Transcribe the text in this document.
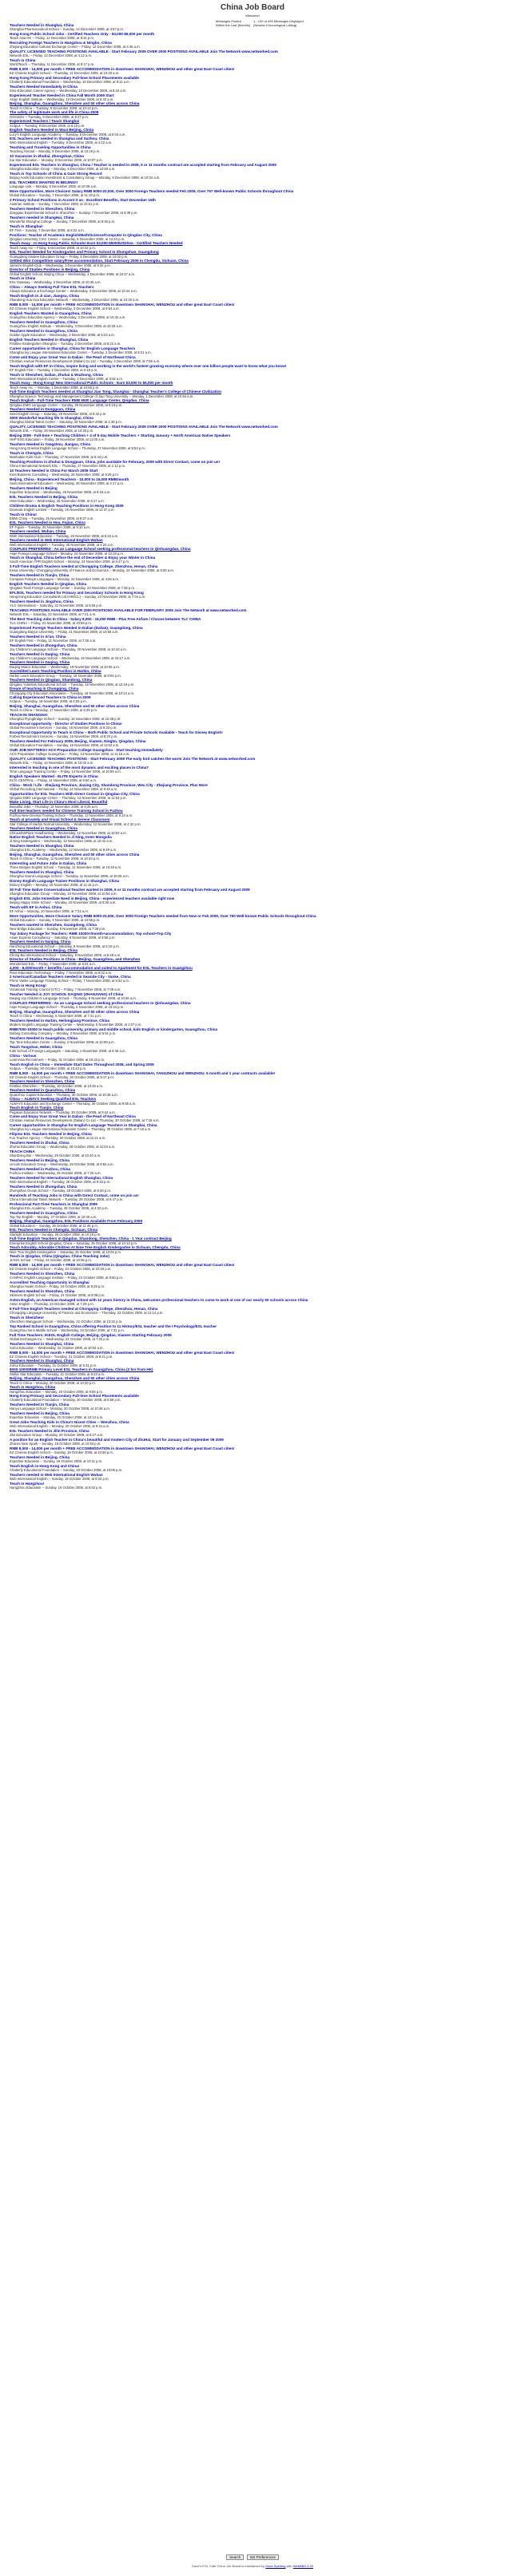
China Job Board
Welcome!
Messages Posted	1 - 100 of 499 Messages Displayed
Within the Last [Months] (Newest Chronological Listing)
Teachers Needed in Shanghai, China
Shanghai Pharmaceutical School -- Sunday, 14 December 2008, at 4:57 p.m.
Hong Kong Public School Jobs - Certified Teachers Only - $3,000-$6,000 per month
Teach Asia HK -- Friday, 12 December 2008, at 8:31 p.m.
Recruiting Foreign Teachers in Hangzhou & Ningbo, China
Zhejiang Education Cultural Exchange Center -- Friday, 12 December 2008, at 4:46 a.m.
QUALITY, LICENSED TEACHING POSITIONS AVAILABLE - Start February 2009 OVER 2000 POSITIONS AVAILABLE Join The Network www.networked.com
Network ESL -- Friday, 12 December 2008, at 4:12 a.m.
Teach in China
WorldTeach -- Thursday, 11 December 2008, at 9:17 p.m.
RMB 8,000 - 14,000 per month + FREE ACCOMMODATION in downtown SHANGHAI, WENZHOU and other great East Coast cities!
EZ Chinese English School -- Thursday, 11 December 2008, at 10:20 a.m.
Hong Kong Primary and Secondary Full-time School Placements available
Chatterly Educational Foundation -- Wednesday, 10 December 2008, at 9:11 a.m.
Teachers Needed Immediately in China
Sino-Education Career Agency -- Wednesday, 10 December 2008, at 8:44 a.m.
Experienced Teacher Needed in China Fall Month 2009 Start
Asian English Institute -- Wednesday, 10 December 2008, at 6:43 a.m.
Beijing, Shanghai, Guangzhou, Shenzhen and 50 other cities across China
Teach In China -- Tuesday, 9 December 2008, at 10:13 p.m.
The safety of legitimate work and life in China 2009
GOCEDU -- Tuesday, 9 December 2008, at 9:27 p.m.
Experienced Teachers / Teach Shanghai
Xcitpus -- Tuesday, 9 December 2008, at 6:19 p.m.
English Teachers Needed in Wuxi Beijing, China
Lucy's English Language Academy -- Tuesday, 9 December 2008, at 6:04 a.m.
ESL teachers are needed in Shanghai and Suzhou, China
Web International English -- Tuesday, 9 December 2008, at 4:22 a.m.
Teaching and Traveling Opportunities in China
Teaching Abroad -- Monday, 8 December 2008, at 10:19 p.m.
10 Vacancies in Zhuhai, Zhongshan, China
Kai Star Education -- Monday, 8 December 2008, at 10:07 p.m.
Experienced ESL Teachers in Shanghai, China / Teacher is needed in 2009, 5 or 11 months contract are accepted starting from February and August 2009
Shanghai Education Group -- Monday, 8 December 2008, at 10:59 a.m.
Teach in Top Schools of China & Gain Strong Record
Beijing Aoshi Education Investment & Consultancy Group -- Monday, 8 December 2008, at 10:34 a.m.
ESL TEACHERS WANTED IN BEIJING!!
Language Link -- Monday, 8 December 2008, at 10:09 a.m.
More Opportunities, More Choices! Salary RMB 6000-20,000, Over 3000 Foreign Teachers needed Feb 2009, Over 757 Well-known Public Schools throughout China
Global Education -- Sunday, 7 December 2008, at 11:19 p.m.
3 Primary School Positions in Accent it an - Excellent Benefits, Start December 15th
Austrian Institute -- Sunday, 7 December 2008, at 10:51 p.m.
Teachers Needed in Shenzhen, China
Zongqiao Experimental School in Shenzhen -- Sunday, 7 December 2008, at 9:39 p.m.
Teachers needed in ShangHai, China
Wonderful Shanghai College -- Sunday, 7 December 2008, at 8:40 p.m.
Teach in Shanghai!
EF First -- Sunday, 7 December 2008, at 6:22 a.m.
Positions: Teacher of Academic English/Math/Science/Computer in Qingdao City, China
Qingdao University CIAC Center -- Saturday, 6 December 2008, at 12:43 p.m.
Teach Away - In Hong Kong Public Schools! Earn $3,000-$5000USD/mo - Certified Teachers Needed
Teach Away Inc -- Friday, 5 December 2008, at 10:42 p.m.
ESL Teacher Needed for Kindergarten and Primary School in Zhongshan, Guangdong
Guangdong Sinaiee Education Group -- Friday, 5 December 2008, at 10:02 p.m.
Settled Win! Competitive salary/Free accommodation, Start February 2009 in Chengdu, Sichuan, China
James's English Club -- Wednesday, 3 December 2008, at 9:32 p.m.
Director of Studies Positions in Beijing, China
Global English School, Beijing China -- Wednesday, 3 December 2008, at 10:47 a.m.
Teach in China
ESL Gateway -- Wednesday, 3 December 2008, at 10:45 a.m.
China -- Always Seeking Full Time ESL Teachers
Always Education & Exchange Center -- Wednesday, 3 December 2008, at 10:44 a.m.
Teach English in Ji xian, Jiangsu, China
Shandong Hua Hua Education Network -- Wednesday, 3 December 2008, at 10:19 a.m.
RMB 8,000 - 14,000 per month + FREE ACCOMMODATION in downtown SHANGHAI, WENZHOU and other great East Coast cities!
EZ Chinese English School -- Wednesday, 3 December 2008, at 9:53 a.m.
English Teachers Wanted in Guangzhou, China
Guangzhou Education Agency -- Wednesday, 3 December 2008, at 10:42 a.m.
Teachers Needed in Guangzhou, China
Guangzhou English Institute -- Wednesday, 3 December 2008, at 10:28 a.m.
Teachers Needed in Guangzhou, China
Golden Apple Education -- Wednesday, 3 December 2008, at 6:23 a.m.
English Teachers Needed in Shanghai, China
Firstline Kindergarten Shanghai -- Tuesday, 2 December 2008, at 6:22 a.m.
Career opportunities in Shanghai, China for English Language Teachers
Shanghai Ivy League International Education Center -- Tuesday, 2 December 2008, at 9:21 a.m.
Come and Enjoy your Great Year in Dalian - the Pearl of Northeast China
Christian Human Resources Development (Dalian) Co Ltd -- Tuesday, 2 December 2008, at 7:56 a.m.
Teach English with EF in China, inspire living and working in the world's fastest growing economy where over one billion people want to know what you know!
EF English First -- Tuesday, 2 December 2008, at 5:18 a.m.
Teach in Shenzhen, Dalian, Zhuhai & Wuzhong, China
Web International English Center -- Tuesday, 2 December 2008, at 3:32 a.m.
Teach Away - Hong Kong! New International Public Schools - Earn $3,500 to $6,000 per month
Teach Away Inc. -- Monday, 1 December 2008, at 10:56 p.m.
Full-Time English Teachers needed at Shanghai Jiao Tong, Shanghai - Shanghai Teacher's College of Chinese Civilization
Shanghai Science Technology and Management College of Jiao Tong University -- Monday, 1 December 2008, at 10:54 a.m.
Teach English - Full-Time Teachers RMB 6500 Language Center, Qingdao, China
Qingdao EMO Language Center -- Sunday, 30 November 2008, at 9:19 p.m.
Teachers Needed in Dongguan, China
Seed English Group -- Saturday, 29 November 2008, at 9:42 p.m.
3000 Wonderful teaching life in Shanghai, China
Shanghai Global Talent Center -- Saturday, 29 November 2008, at 1:39 p.m.
QUALITY, LICENSED TEACHING POSITIONS AVAILABLE - Start February 2009 OVER 2000 POSITIONS AVAILABLE Join The Network www.networked.com
Network ESL -- Friday, 28 November 2008, at 10:20 p.m.
Beijing 2009 - Full-time + Teaching Children + 4 of 5-day Mobile Teachers + Starting January + North American Native Speakers
HHP ESG Education -- Friday, 28 November 2008, at 11:05 a.m.
Teachers Needed in Yangzhou, Jiangsu, China
Hong Kong Oriental English Language School -- Thursday, 27 November 2008, at 9:53 p.m.
Teach in Chengdu, China
Manhattan Kids Club -- Thursday, 27 November 2008, at 6:44 p.m.
Teaching Positions in Zhuhai & Dongguan, China, jobs available for February, 2009 with Direct Contact, come on join us!
China International Network ESL -- Thursday, 27 November 2008, at 1:12 p.m.
10 Teachers Needed in China For March 2009 Start
Kent Business Consulting -- Wednesday, 26 November 2008, at 9:25 p.m.
Beijing, China - Experienced Teachers - 10,000 to 15,000 RMB/month
Sedo International Education -- Wednesday, 26 November 2008, at 2:17 p.m.
Teachers Needed in Beijing
Expertise Education -- Wednesday, 26 November 2008, at 9:18 a.m.
ESL Teachers Needed in Beijing, China
Hotel Education -- Wednesday, 26 November 2008, at 6:17 a.m.
Children Drama & English Teaching Positions in Hong Kong 2009
Dramatic English Limited -- Tuesday, 25 November 2008, at 12:37 p.m.
Teach in China!
EMW China -- Tuesday, 25 November 2008, at 9:37 a.m.
ESL Teachers Needed in Hou, Fujian, China
EF Fujian -- Tuesday, 25 November 2008, at 8:10 a.m.
Teachers needed, Wuhan, China
Wish International Education -- Tuesday, 25 November 2008, at 6:34 a.m.
Teachers needed in Web International English Wuhan
Web International English -- Tuesday, 25 November 2008, at 4:24 a.m.
COUPLES PREFERRED - As an Language School seeking professional teachers in Qinhuangdao, China
Aspe Foreign Language School -- Monday, 24 November 2008, at 10:33 p.m.
Teach in Shanghai, China before the end of December & Enjoy your Winter in China
South American TPR English School -- Monday, 24 November 2008, at 8:47 p.m.
3 Full-Time English Teachers needed at Chongqing College, Zhenzhou, Henan, China
Kesai University / Chongqing University of Finance and Economics -- Monday, 24 November 2008, at 6:00 a.m.
Teachers Needed in Tianjin, China
Compass Foreign Languages -- Monday, 24 November 2008, at 4:26 a.m.
English Teachers Needed in Qingdao, China
Qingdao Tianli Foreign Language Center -- Sunday, 23 November 2008, at 7:26 p.m.
EFL/ESL Teachers needed for Primary and Secondary Schools in Hong Kong
Hong Kong Education Consultants Ltd (HKECL) -- Sunday, 23 November 2008, at 7:04 a.m.
Teachers Needed in Jingzhou, China
YLG International -- Saturday, 22 November 2008, at 5:26 p.m.
TEACHING POSITIONS AVAILABLE OVER 2000 POSITIONS AVAILABLE FOR FEBRUARY 2009 Join The Network at www.networked.com
Network ESL -- Saturday, 22 November 2008, at 7:21 a.m.
The Best Teaching Jobs In China - Salary 8,000 - 15,000 RMB - Plus Free Airfare / Choose between TLC CHINA
TLC CHINA -- Friday, 21 November 2008, at 10:59 p.m.
Experienced Foreign Teachers Needed in Dalian (Dalian), Guangdong, China
Guangdong Baiyun University -- Friday, 21 November 2008, at 10:50 a.m.
Teachers Needed in Xi'an, China
EF English First -- Friday, 21 November 2008, at 7:30 a.m.
Teachers Needed in Zhongshan, China
Joy Children's Language School -- Thursday, 20 November 2008, at 10:43 a.m.
Teachers Needed in Daqing, China
Joy Children's Language School -- Wednesday, 19 November 2008, at 10:17 a.m.
Teachers Needed in Daqing, China
Daqing Mianzi Education -- Wednesday, 19 November 2008, at 10:05 a.m.
Accredited Learn Teaching Position in Harbin, China
Harbin Learn Education Group -- Tuesday, 18 November 2008, at 9:04 p.m.
Teachers Needed in Qingdao, Shandong, China
Qingdao Yulantian Educational School -- Tuesday, 18 November 2008, at 12:19 p.m.
Dream of teaching in Chongqing, China
Chongqing City Education Association -- Tuesday, 18 November 2008, at 10:14 a.m.
Calling Experienced Teachers to China in 2009
Xcitpus -- Tuesday, 18 November 2008, at 4:25 p.m.
Beijing, Shanghai, Guangzhou, Shenzhen and 50 other cities across China
Teach In China -- Monday, 17 November 2008, at 5:39 p.m.
TEACH IN SHANGHAI
Shanghai Flyingbridge School -- Sunday, 16 November 2008, at 10:38 p.m.
Exceptional opportunity - Director of Studies Positions in China!
Global Recruitment Services -- Sunday, 16 November 2008, at 8:33 p.m.
Exceptional Opportunity to Teach in China -- Both Public School and Private Schools Available - Teach for Disney English!
Forbes Recruitment Services -- Sunday, 16 November 2008, at 8:20 p.m.
Teachers Needed For February 2009, Beijing, Xiamen, Ningbo, Qingdao, China
Global Education Foundation -- Sunday, 16 November 2008, at 11:53 a.m.
OUR JOB MATTERS!! ACS Preparation College Guangzhou - Start teaching immediately
ACS Preparation College Guangzhou -- Friday, 14 November 2008, at 11:16 a.m.
QUALITY, LICENSED TEACHING POSITIONS - Start February 2009 The early bird catches the worm Join The Network at www.networked.com
Network ESL -- Friday, 14 November 2008, at 10:42 a.m.
Interested in teaching in one of the most dynamic and exciting places in China?
Time Language Training Centre -- Friday, 14 November 2008, at 10:09 a.m.
English Speakers Wanted - ELITE Experts in China
ELTA CENTRAL -- Friday, 14 November 2008, at 5:50 a.m.
China - Work / Life - Zhejiang Province, Jiaxing City, Shandong Province, Weu City - Zhejiang Province, Plus More
Global Recruiting International -- Friday, 14 November 2008, at 5:45 a.m.
Opportunities for ESL Teachers With Direct Contact in Qingdao City, China
Qingdao EMO Language Center -- Thursday, 13 November 2008, at 11:53 p.m.
Make Living, Start Life in China's Most Liberal, Beautiful
Beautiful Jobs -- Thursday, 13 November 2008, at 9:25 a.m.
Full time teachers needed for Chinese Training School in Fuzhou
Fuzhou New-Oriental Training School -- Thursday, 13 November 2008, at 9:24 a.m.
Teach at privately and Visual School & Serene Classroom
Star College of Harbin Normal University -- Wednesday, 12 November 2008, at 4:32 p.m.
Teachers Needed in Guangzhou, China
ChinaJobsPlace Headhunting -- Wednesday, 12 November 2008, at 10:53 a.m.
Native English Teachers Needed in Ji Ning, Inner Mongolia
Ji Ning Kindergarten -- Wednesday, 12 November 2008, at 10:42 a.m.
Teachers Needed in Shanghai, China
Shanghai ESL Academy -- Wednesday, 12 November 2008, at 9:49 a.m.
Beijing, Shanghai, Guangzhou, Shenzhen and 50 other cities across China
Teach In China -- Tuesday, 11 November 2008, at 10:43 p.m.
Interesting and Future Jobs in Dalian, China
Three Bridges English School -- Tuesday, 11 November 2008, at 10:49 a.m.
Teachers Needed in Shanghai, China
Shanghai Sound Language School -- Tuesday, 11 November 2008, at 10:28 a.m.
Disney English Language Trainer Positions in Shanghai, China
Disney English -- Monday, 10 November 2008, at 11:16 p.m.
30 Full Time Native Conversational Teacher wanted in 2009, 5 or 11 months contract are accepted starting from February and August 2009
Shanghai Education Group -- Monday, 10 November 2008, at 10:54 a.m.
English ESL Jobs Immediate Need in Beijing, China - experienced teachers available right now
Beijing Happy Smile School -- Monday, 10 November 2008, at 8:30 a.m.
Teach with EF in Anhui, China
EF Anhui -- Monday, 10 November 2008, at 7:22 a.m.
More Opportunities, More Choices! Salary RMB 6000-20,000, Over 3000 Foreign Teachers needed from Now or Feb 2009, Over 700 Well-known Public Schools throughout China
Global Education -- Sunday, 9 November 2008, at 10:55 p.m.
Teachers wanted in Shenzhen, Guangdong, China
New Bridge Education -- Sunday, 9 November 2008, at 7:39 p.m.
Top Salary Package for Teachers: RMB 10000+/month+accommodation; Top school+Top City
Asian Express Consultancy -- Saturday, 8 November 2008, at 9:56 p.m.
Teachers Needed in Nanjing, China
Hanzhong Educational School -- Saturday, 8 November 2008, at 6:19 p.m.
ESL Teachers Needed in Beijing, China
Chong Bai International School -- Saturday, 8 November 2008, at 5:49 a.m.
Director of Studies Positions in China - Beijing, Guangzhou, and Shenzhen
Wonderland ESL -- Friday, 7 November 2008, at 8:24 a.m.
4,000 - 8,000/month + benefits / accommodation and suited to Apartment for ESL Teachers in Guangzhou
Rose Education Technology -- Friday, 7 November 2008, at 6:02 a.m.
2 American/Canadian Teachers needed in Seaside City - Vanke, China
Prime Vanke Language Training School -- Friday, 7 November 2008, at 5:52 a.m.
Teach in Hong Kong!
Vocational Training Council (VTC) -- Friday, 7 November 2008, at 7:09 a.m.
Teacher Needed in JOY SCHOOL DAQING (ZHANJIANG) of China
Daqing Joy Children's Language School -- Thursday, 6 November 2008, at 10:46 a.m.
COUPLES PREFERRED - As an Language School seeking professional teachers in Qinhuangdao, China
Aspe Foreign Language School -- Thursday, 6 November 2008, at 10:33 p.m.
Beijing, Shanghai, Guangzhou, Shenzhen and 50 other cities across China
Teach In China -- Wednesday, 5 November 2008, at 7:41 p.m.
Teachers Needed in Harbin, Heilongjiang Province, China
Modern English Language Training Center -- Wednesday, 5 November 2008, at 1:07 p.m.
RMB7000-10000 to teach public university, primary and middle school, kids English or kindergarten, Guangzhou, China
Dafang Consulting Company -- Monday, 3 November 2008, at 5:51 p.m.
Teachers Needed in Guangzhou, China
Top Tone Education Centre -- Sunday, 2 November 2008, at 10:09 p.m.
Teach Tangshan, Hebei, China
Kids School of Foreign Languages -- Saturday, 1 November 2008, at 9:46 a.m.
China - Various
LearnAsia Recruitment -- Friday, 31 October 2008, at 10:23 p.m.
Teach English in China -- Immediate Start Dates Throughout 2008, and Spring 2009
Xcitpus -- Thursday, 30 October 2008, at 10:42 p.m.
RMB 8,000 - 14,000 per month + FREE ACCOMMODATION in downtown SHANGHAI, YANGZHOU and WENZHOU. 5 month and 1 year contracts available!
EZ Chinese English School -- Thursday, 30 October 2008, at 9:17 p.m.
Teachers Needed in Shenzhen, China
Firstline Shenzhen -- Thursday, 30 October 2008, at 10:45 a.m.
Teachers Needed in Quanzhou, China
Quanzhou Capital Education -- Thursday, 30 October 2008, at 10:39 a.m.
China -- ALWAYS Seeking Qualified ESL Teachers
ALWAYS Education and Exchange Center -- Thursday, 30 October 2008, at 9:55 a.m.
Teach English in Tianjin, China
Pegasus Education Network -- Thursday, 30 October 2008, at 9:44 a.m.
Come and Enjoy Your Great Year in Dalian - the Pearl of Northeast China
Christian Human Resources Development (Dalian) Co Ltd -- Thursday, 30 October 2008, at 7:18 a.m.
Career opportunities in Shanghai for English Language Teachers in Shanghai, China
Shanghai Ivy League International Education Center -- Thursday, 30 October 2008, at 7:18 a.m.
Filipino ESL Teachers Needed in Beijing, China
Fun Teacher Agency -- Thursday, 30 October 2008, at 11:21 a.m.
Teachers Needed in Zhuhai, China
Zhuhai Education Group -- Wednesday, 29 October 2008, at 11:04 a.m.
TEACH CHINA
ShanDong Bai -- Wednesday, 29 October 2008, at 10:40 a.m.
Teachers Needed in Beijing, China
Lincoln Education Group -- Wednesday, 29 October 2008, at 9:53 a.m.
Teachers Needed in Fuzhou, China
Fuzhou Institute -- Wednesday, 29 October 2008, at 7:25 a.m.
Teachers Needed for International English Shanghai, China
Web International English -- Tuesday, 28 October 2008, at 9:33 p.m.
Teachers Needed in Zhongshan, China
Zhongshan Ocean School -- Tuesday, 28 October 2008, at 8:40 p.m.
Hundreds of Teaching Jobs in China with Direct Contact, come on join us!
China International Talent Network -- Tuesday, 28 October 2008, at 5:47 p.m.
Professional Part-Time Teachers in Shanghai 2009
Shanghai ESL Academy -- Tuesday, 28 October 2008, at 4:32 p.m.
Teachers Needed in Guangzhou, China
Top Top English -- Monday, 27 October 2008, at 10:40 a.m.
Beijing, Shanghai, Guangzhou, ESL Positions Available From February 2009
Global Education -- Sunday, 26 October 2008, at 11:46 p.m.
ESL Teachers Needed in Chengdu, Sichuan, China
Starlight Education -- Sunday, 26 October 2008, at 10:19 p.m.
Full-Time English Teachers in Qingdao, Shandong, Shenzhen, China - 1 Year contract Beijing
Enterprise English School Qingdao, China -- Saturday, 25 October 2008, at 10:13 p.m.
Teach Adorably, Adorable Children At Nine Tree English Kindergarten in Sichuan, Chengdu, China
Nine Tree English Kindergarten -- Saturday, 25 October 2008, at 10:04 p.m.
Teach in Qingdao, China (Qingdao, China Teaching Jobs)
JIANG School -- Friday, 24 October 2008, at 10:55 p.m.
RMB 8,000 - 14,000 per month + FREE ACCOMMODATION in downtown SHANGHAI, WENZHOU and other great East Coast cities!
EZ Chinese English School -- Friday, 24 October 2008, at 10:19 p.m.
Teachers Needed in Shenzhen, China
CANPAC English Language Institute -- Friday, 24 October 2008, at 9:50 p.m.
Accredited Teaching Opportunity in Shanghai
Shanghai Hualin School -- Friday, 24 October 2008, at 9:25 p.m.
Teachers Needed in Shenzhen, China
Skinners English School -- Friday, 24 October 2008, at 9:08 p.m.
Aston English, an American managed school with 12 years history in China, welcomes professional teachers to come to work at one of our nearly 50 schools across China
Aston English -- Thursday, 23 October 2008, at 7:29 p.m.
8 Full-Time English Teachers needed at Chongqing College, Zhenzhou, Henan, China
Chongqing Language University of Finance and Economics -- Thursday, 23 October 2008, at 12:14 p.m.
Teach in Shenzhen!
Shenzhen Wangguan School -- Wednesday, 22 October 2008, at 10:32 p.m.
Top Ranked School in Guangzhou, China offering Position to 11 History/ESL teacher and the I Psychology/ESL teacher
Guangzhou No.6 Middle School -- Wednesday, 22 October 2008, at 7:31 p.m.
Full Time Teachers: IKEOL English College, Beijing, Qingdao, Xiamen Starting February 2009
Global Exchanges Inc -- Wednesday, 22 October 2008, at 7:20 p.m.
Teachers Needed in Shanghai, China
Xuhui Education -- Wednesday, 22 October 2008, at 10:02 a.m.
RMB 8,000 - 14,000 per month + FREE ACCOMMODATION in downtown SHANGHAI, WENZHOU and other great East Coast cities!
EZ Chinese English School -- Tuesday, 21 October 2008, at 9:21 p.m.
Teachers Needed in Shanghai, China
Xuhui Education -- Tuesday, 21 October 2008, at 6:31 p.m.
6000-10000RMB Primary Level ESL Teachers in Guangzhou, China (2 hrs from HK)
Stellar Star Education -- Tuesday, 21 October 2008, at 8:23 a.m.
Beijing, Shanghai, Guangzhou, Shenzhen and 50 other cities across China
Teach In China -- Monday, 20 October 2008, at 10:20 p.m.
Teach in Hangzhou, China
HangZhou Education -- Monday, 20 October 2008, at 9:55 p.m.
Hong Kong Primary and Secondary Full-time School Placements available
Chatterly Educational Foundation -- Monday, 20 October 2008, at 6:56 p.m.
Teachers Needed in Tianjin, China
Hanyu Language School -- Monday, 20 October 2008, at 10:46 a.m.
Teachers Needed in Beijing, China
Expertise Education -- Monday, 20 October 2008, at 10:13 a.m.
Great Jobs-Teaching Kids in China's Nicest Cities -- Wenzhou, China
Web International English -- Monday, 20 October 2008, at 9:24 a.m.
ESL Teachers Needed in Jilin Province, China
Jilin Education Group -- Monday, 20 October 2008, at 8:27 a.m.
A position for an English Teacher in China's beautiful and modern City of ZhuHai, Start for January and September 09 2009
ZhuHai New Spark -- Sunday, 19 October 2008, at 10:53 p.m.
RMB 8,000 - 14,000 per month + FREE ACCOMMODATION in downtown SHANGHAI, WENZHOU and other great East Coast cities!
EZ Chinese English School -- Sunday, 19 October 2008, at 10:50 p.m.
Teachers Needed in Beijing, China
Expertise Education -- Sunday, 19 October 2008, at 10:11 p.m.
Teach English in Hong Kong and China!
Chatterly Educational Foundation -- Sunday, 19 October 2008, at 10:05 p.m.
Teachers needed in Web International English Wuhan
Web International English -- Sunday, 19 October 2008, at 9:22 p.m.
Teach in Hangzhou!
HangZhou Education -- Sunday, 19 October 2008, at 5:53 p.m.
Search	Set Preferences
Dave's ESL Cafe China Job Board is maintained by Dave Sperling with WebBBS 4.33
